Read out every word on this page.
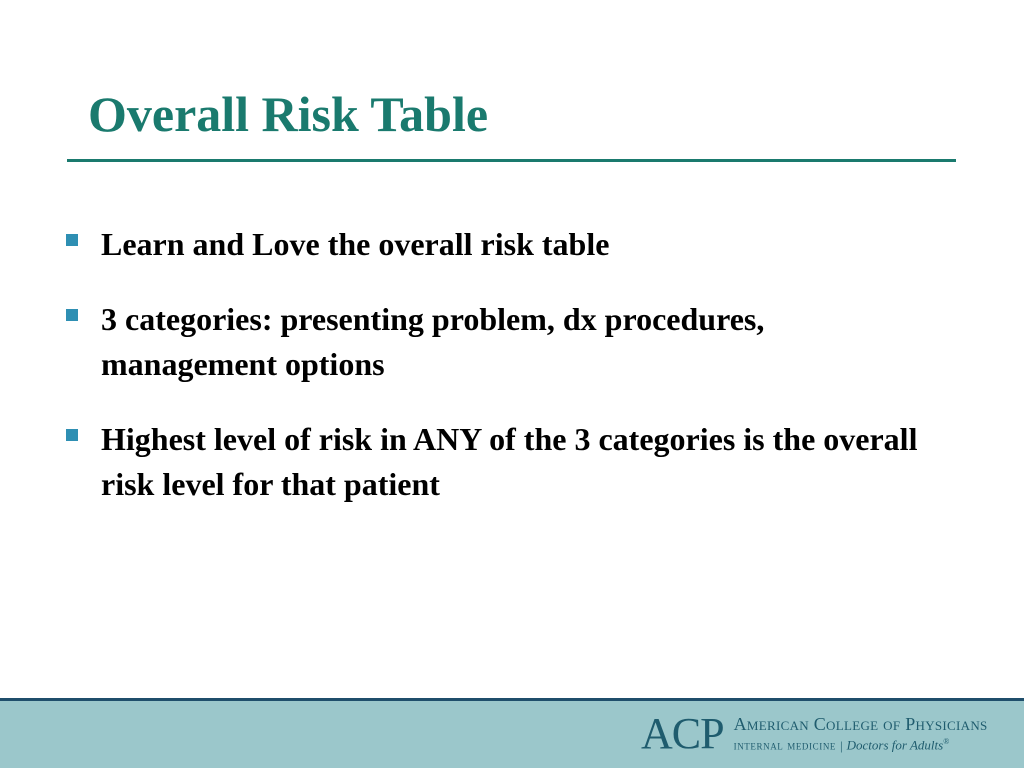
Overall Risk Table
Learn and Love the overall risk table
3 categories: presenting problem, dx procedures, management options
Highest level of risk in ANY of the 3 categories is the overall risk level for that patient
ACP American College of Physicians
internal medicine | Doctors for Adults®
